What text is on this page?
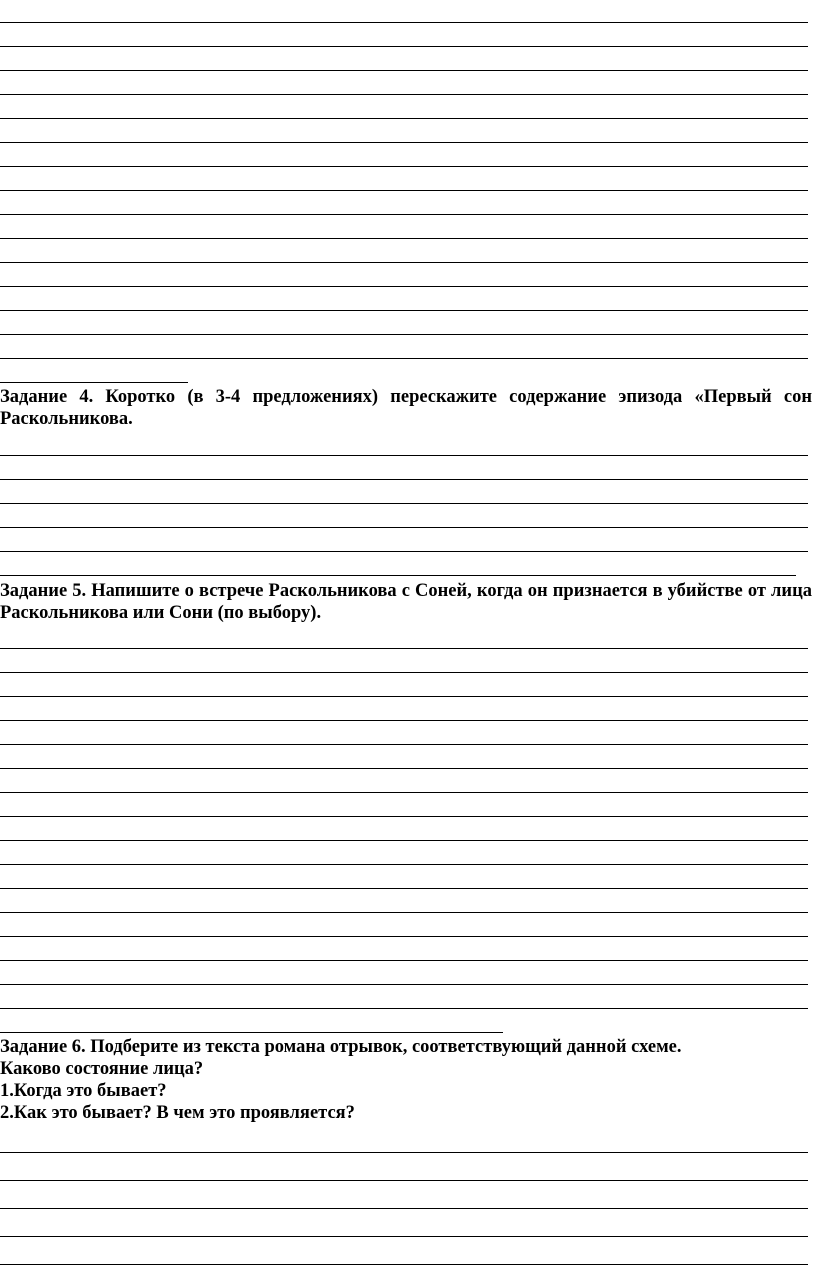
Задание 4. Коротко (в 3-4 предложениях) перескажите содержание эпизода «Первый сон Раскольникова.

Задание 5. Напишите о встрече Раскольникова с Соней, когда он признается в убийстве от лица Раскольникова или Сони (по выбору).

Задание 6. Подберите из текста романа отрывок, соответствующий данной схеме.

Каково состояние лица?

1.Когда это бывает?

2.Как это бывает? В чем это проявляется?
